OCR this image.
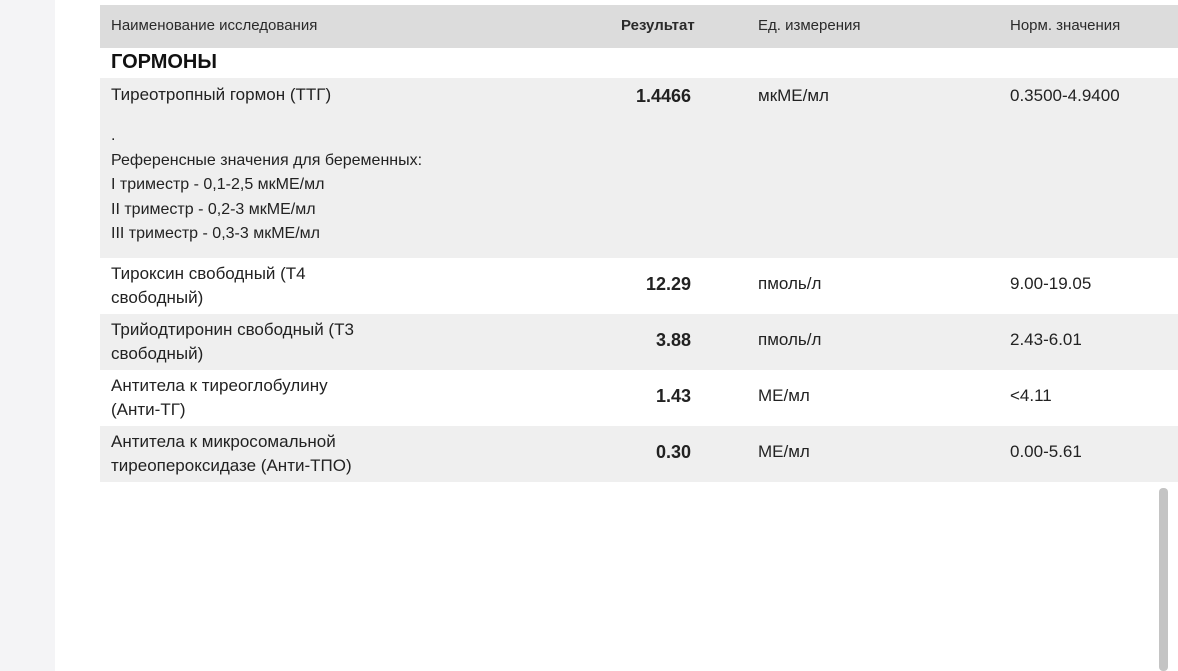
Наименование исследования	Результат	Ед. измерения	Норм. значения
ГОРМОНЫ
Тиреотропный гормон (ТТГ)	1.4466	мкМЕ/мл	0.3500-4.9400
.
Референсные значения для беременных:
I триместр - 0,1-2,5 мкМЕ/мл
II триместр - 0,2-3 мкМЕ/мл
III триместр - 0,3-3 мкМЕ/мл
Тироксин свободный (Т4
свободный)
12.29	пмоль/л	9.00-19.05
Трийодтиронин свободный (Т3
свободный)
3.88	пмоль/л	2.43-6.01
Антитела к тиреоглобулину
(Анти-ТГ)
1.43	МЕ/мл	<4.11
Антитела к микросомальной
тиреопероксидазе (Анти-ТПО)
0.30	МЕ/мл	0.00-5.61
